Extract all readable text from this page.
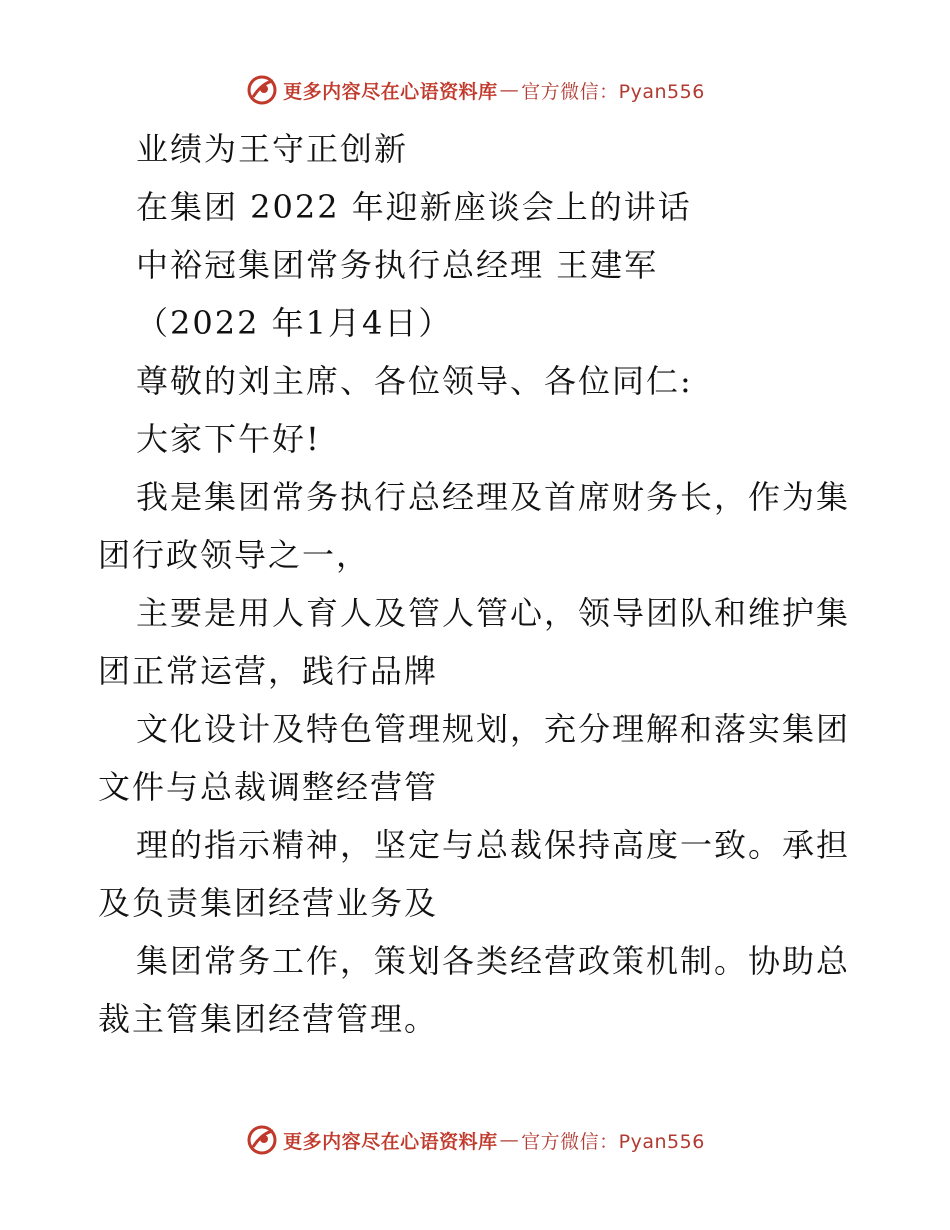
更多内容尽在心语资料库 — 官方微信：Pyan556
业绩为王守正创新
在集团 2022 年迎新座谈会上的讲话
中裕冠集团常务执行总经理 王建军
（2022 年1月4日）
尊敬的刘主席、各位领导、各位同仁:
大家下午好!
我是集团常务执行总经理及首席财务长，作为集
团行政领导之一，
主要是用人育人及管人管心，领导团队和维护集
团正常运营，践行品牌
文化设计及特色管理规划，充分理解和落实集团
文件与总裁调整经营管
理的指示精神，坚定与总裁保持高度一致。承担
及负责集团经营业务及
集团常务工作，策划各类经营政策机制。协助总
裁主管集团经营管理。
更多内容尽在心语资料库 — 官方微信：Pyan556
